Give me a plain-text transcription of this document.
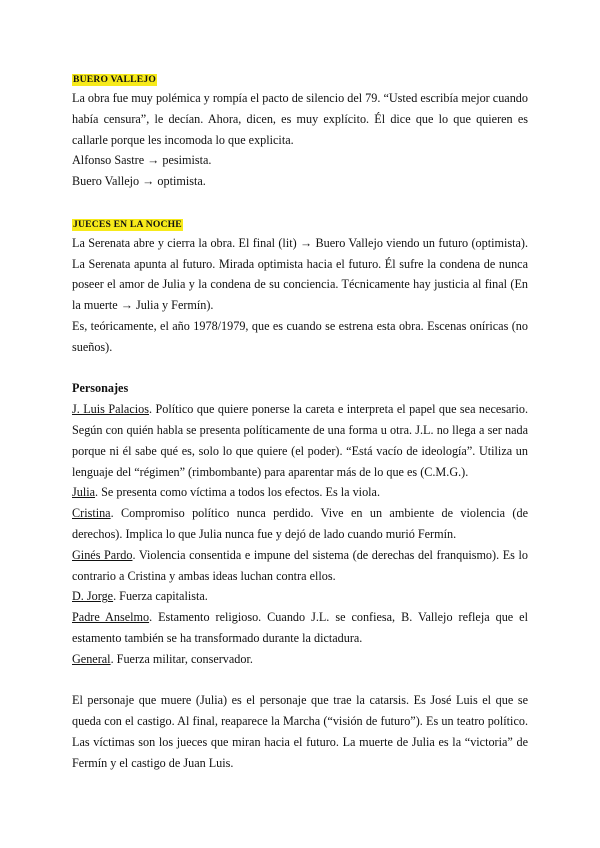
BUERO VALLEJO

La obra fue muy polémica y rompía el pacto de silencio del 79. “Usted escribía mejor cuando había censura”, le decían. Ahora, dicen, es muy explícito. Él dice que lo que quieren es callarle porque les incomoda lo que explicita.

Alfonso Sastre → pesimista.

Buero Vallejo → optimista.

JUECES EN LA NOCHE

La Serenata abre y cierra la obra. El final (lit) → Buero Vallejo viendo un futuro (optimista). La Serenata apunta al futuro. Mirada optimista hacia el futuro. Él sufre la condena de nunca poseer el amor de Julia y la condena de su conciencia. Técnicamente hay justicia al final (En la muerte → Julia y Fermín).

Es, teóricamente, el año 1978/1979, que es cuando se estrena esta obra. Escenas oníricas (no sueños).

Personajes

J. Luis Palacios. Político que quiere ponerse la careta e interpreta el papel que sea necesario. Según con quién habla se presenta políticamente de una forma u otra. J.L. no llega a ser nada porque ni él sabe qué es, solo lo que quiere (el poder). “Está vacío de ideología”. Utiliza un lenguaje del “régimen” (rimbombante) para aparentar más de lo que es (C.M.G.).

Julia. Se presenta como víctima a todos los efectos. Es la viola.

Cristina. Compromiso político nunca perdido. Vive en un ambiente de violencia (de derechos). Implica lo que Julia nunca fue y dejó de lado cuando murió Fermín.

Ginés Pardo. Violencia consentida e impune del sistema (de derechas del franquismo). Es lo contrario a Cristina y ambas ideas luchan contra ellos.

D. Jorge. Fuerza capitalista.

Padre Anselmo. Estamento religioso. Cuando J.L. se confiesa, B. Vallejo refleja que el estamento también se ha transformado durante la dictadura.

General. Fuerza militar, conservador.

El personaje que muere (Julia) es el personaje que trae la catarsis. Es José Luis el que se queda con el castigo. Al final, reaparece la Marcha (“visión de futuro”). Es un teatro político. Las víctimas son los jueces que miran hacia el futuro. La muerte de Julia es la “victoria” de Fermín y el castigo de Juan Luis.
